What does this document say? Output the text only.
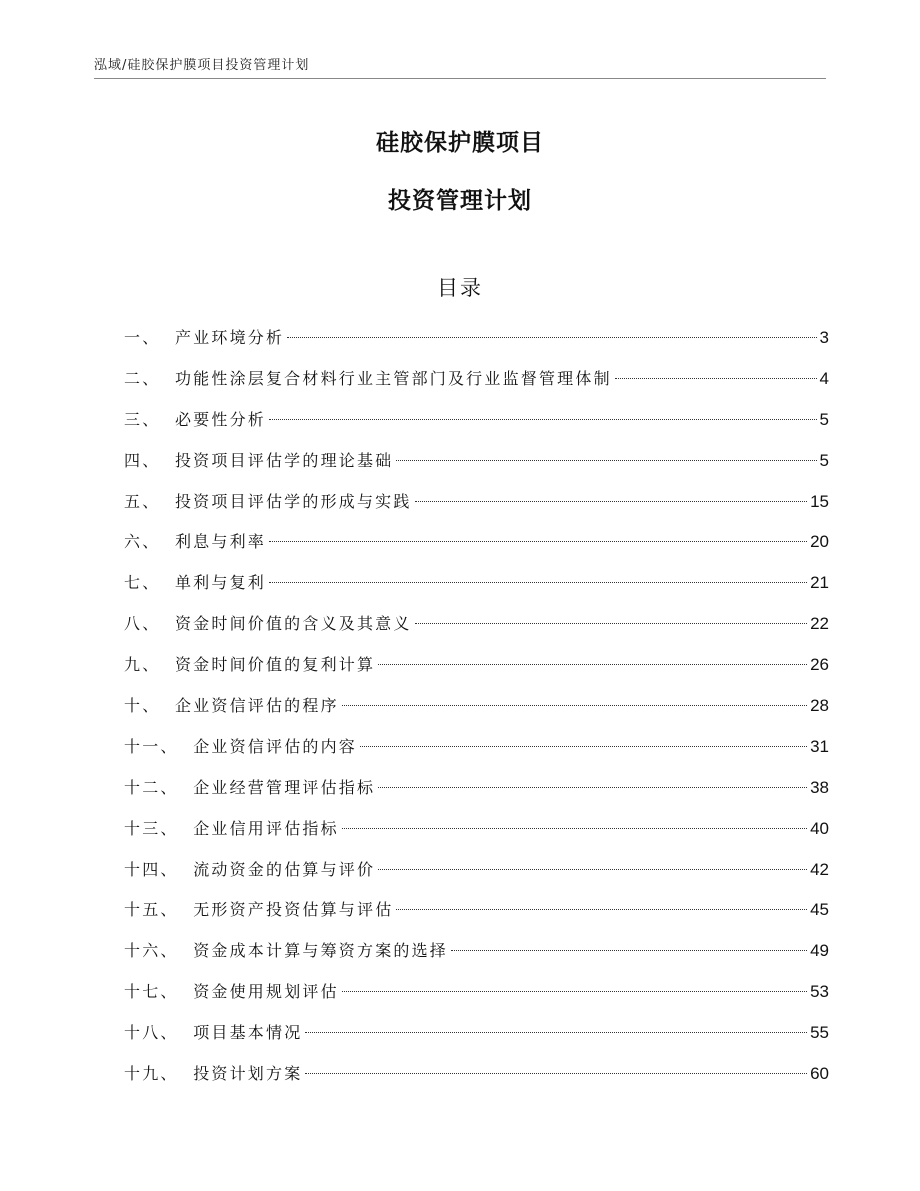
泓域/硅胶保护膜项目投资管理计划
硅胶保护膜项目
投资管理计划
目录
一、 产业环境分析	3
二、 功能性涂层复合材料行业主管部门及行业监督管理体制	4
三、 必要性分析	5
四、 投资项目评估学的理论基础	5
五、 投资项目评估学的形成与实践	15
六、 利息与利率	20
七、 单利与复利	21
八、 资金时间价值的含义及其意义	22
九、 资金时间价值的复利计算	26
十、 企业资信评估的程序	28
十一、 企业资信评估的内容	31
十二、 企业经营管理评估指标	38
十三、 企业信用评估指标	40
十四、 流动资金的估算与评价	42
十五、 无形资产投资估算与评估	45
十六、 资金成本计算与筹资方案的选择	49
十七、 资金使用规划评估	53
十八、 项目基本情况	55
十九、 投资计划方案	60
